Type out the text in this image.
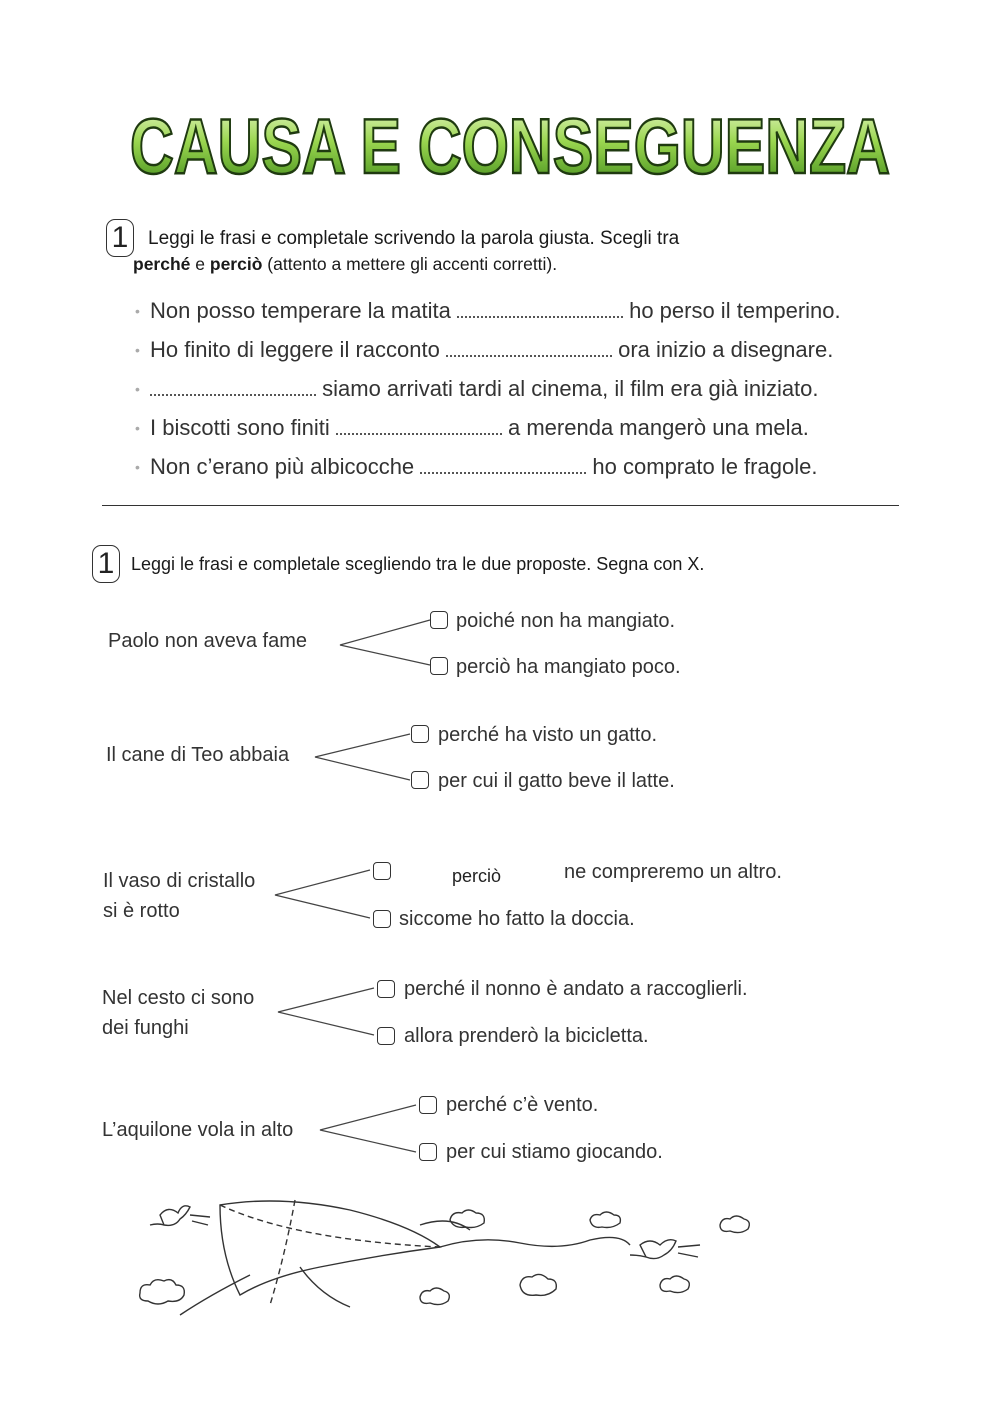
CAUSA E CONSEGUENZA
1 Leggi le frasi e completale scrivendo la parola giusta. Scegli tra
perché e perciò (attento a mettere gli accenti corretti).
• Non posso temperare la matita	ho perso il temperino.
• Ho finito di leggere il racconto	ora inizio a disegnare.
•	siamo arrivati tardi al cinema, il film era già iniziato.
• I biscotti sono finiti	a merenda mangerò una mela.
• Non c’erano più albicocche	ho comprato le fragole.
1 Leggi le frasi e completale scegliendo tra le due proposte. Segna con X.
Paolo non aveva fame
poiché non ha mangiato.
perciò ha mangiato poco.
Il cane di Teo abbaia
perché ha visto un gatto.
per cui il gatto beve il latte.
Il vaso di cristallo
si è rotto
perciò	ne compreremo un altro.
siccome ho fatto la doccia.
Nel cesto ci sono
dei funghi
perché il nonno è andato a raccoglierli.
allora prenderò la bicicletta.
L’aquilone vola in alto
perché c’è vento.
per cui stiamo giocando.
